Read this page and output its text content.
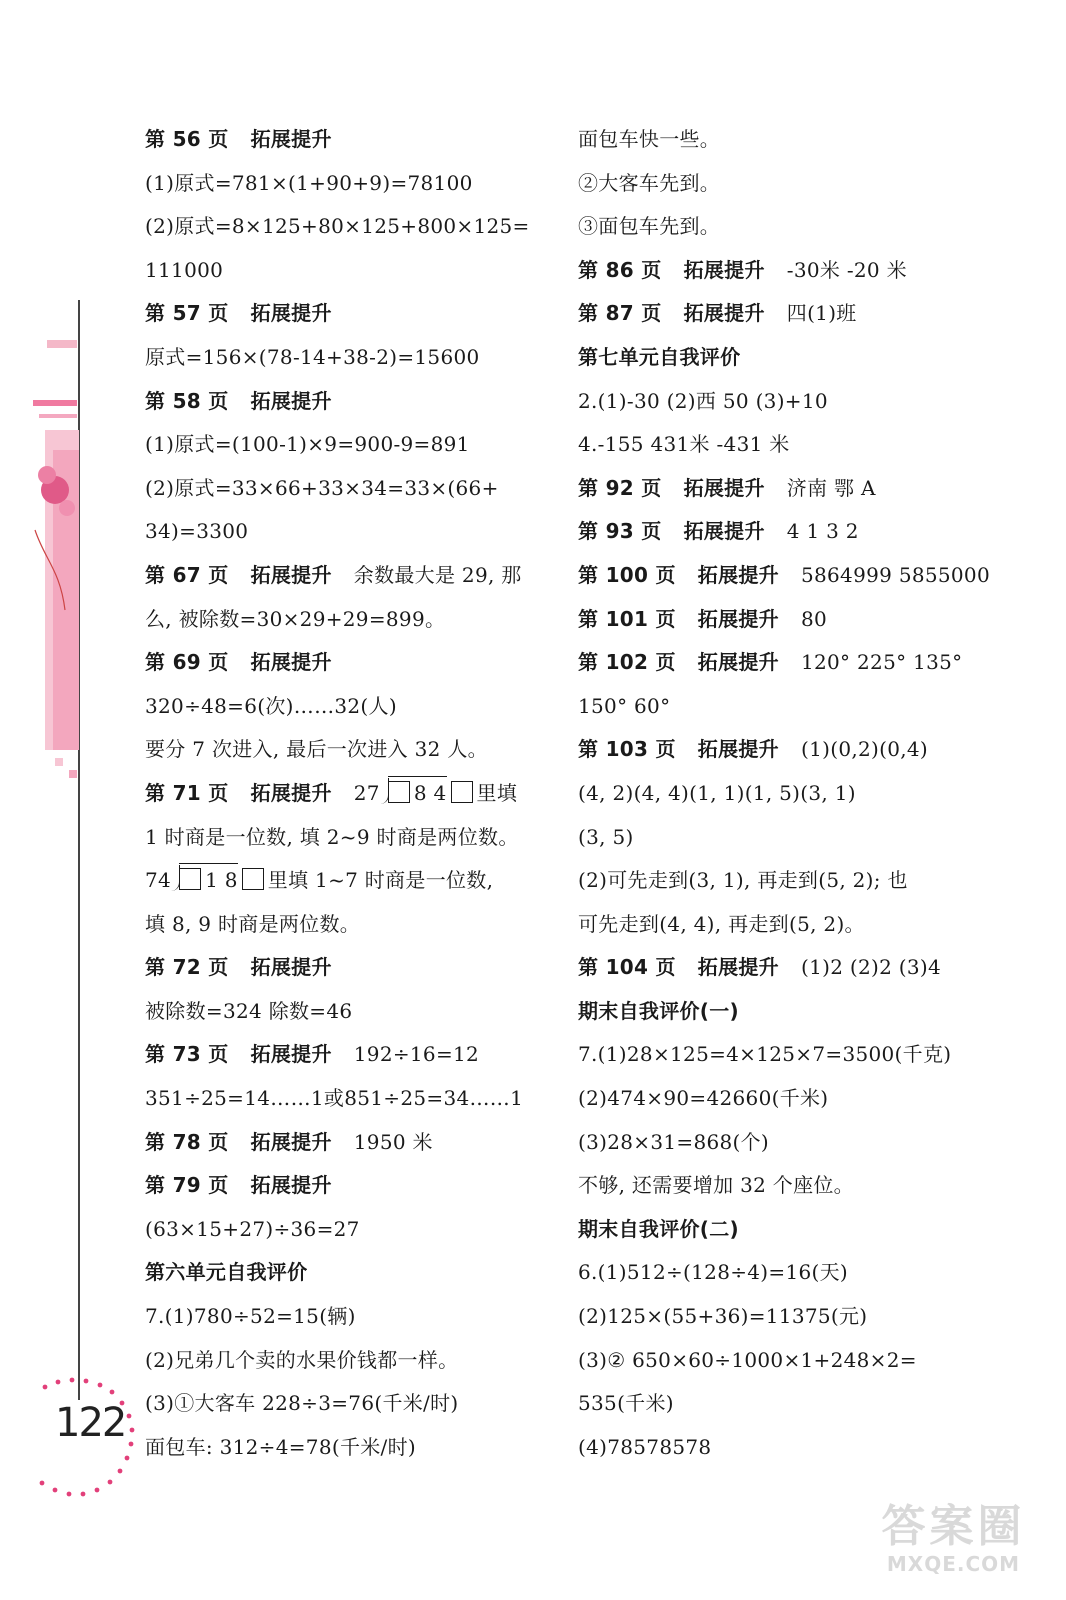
122
第 56 页 拓展提升
(1)原式=781×(1+90+9)=78100
(2)原式=8×125+80×125+800×125=
111000
第 57 页 拓展提升
原式=156×(78-14+38-2)=15600
第 58 页 拓展提升
(1)原式=(100-1)×9=900-9=891
(2)原式=33×66+33×34=33×(66+
34)=3300
第 67 页 拓展提升 余数最大是 29, 那
么, 被除数=30×29+29=899。
第 69 页 拓展提升
320÷48=6(次)……32(人)
要分 7 次进入, 最后一次进入 32 人。
第 71 页 拓展提升 27 8 4 里填
1 时商是一位数, 填 2~9 时商是两位数。
74 1 8 里填 1~7 时商是一位数,
填 8, 9 时商是两位数。
第 72 页 拓展提升
被除数=324 除数=46
第 73 页 拓展提升 192÷16=12
351÷25=14……1或851÷25=34……1
第 78 页 拓展提升 1950 米
第 79 页 拓展提升
(63×15+27)÷36=27
第六单元自我评价
7.(1)780÷52=15(辆)
(2)兄弟几个卖的水果价钱都一样。
(3)①大客车 228÷3=76(千米/时)
面包车: 312÷4=78(千米/时)
面包车快一些。
②大客车先到。
③面包车先到。
第 86 页 拓展提升 -30米 -20 米
第 87 页 拓展提升 四(1)班
第七单元自我评价
2.(1)-30 (2)西 50 (3)+10
4.-155 431米 -431 米
第 92 页 拓展提升 济南 鄂 A
第 93 页 拓展提升 4 1 3 2
第 100 页 拓展提升 5864999 5855000
第 101 页 拓展提升 80
第 102 页 拓展提升 120° 225° 135°
150° 60°
第 103 页 拓展提升 (1)(0,2)(0,4)
(4, 2)(4, 4)(1, 1)(1, 5)(3, 1)
(3, 5)
(2)可先走到(3, 1), 再走到(5, 2); 也
可先走到(4, 4), 再走到(5, 2)。
第 104 页 拓展提升 (1)2 (2)2 (3)4
期末自我评价(一)
7.(1)28×125=4×125×7=3500(千克)
(2)474×90=42660(千米)
(3)28×31=868(个)
不够, 还需要增加 32 个座位。
期末自我评价(二)
6.(1)512÷(128÷4)=16(天)
(2)125×(55+36)=11375(元)
(3)② 650×60÷1000×1+248×2=
535(千米)
(4)78578578
答案圈
MXQE.COM
